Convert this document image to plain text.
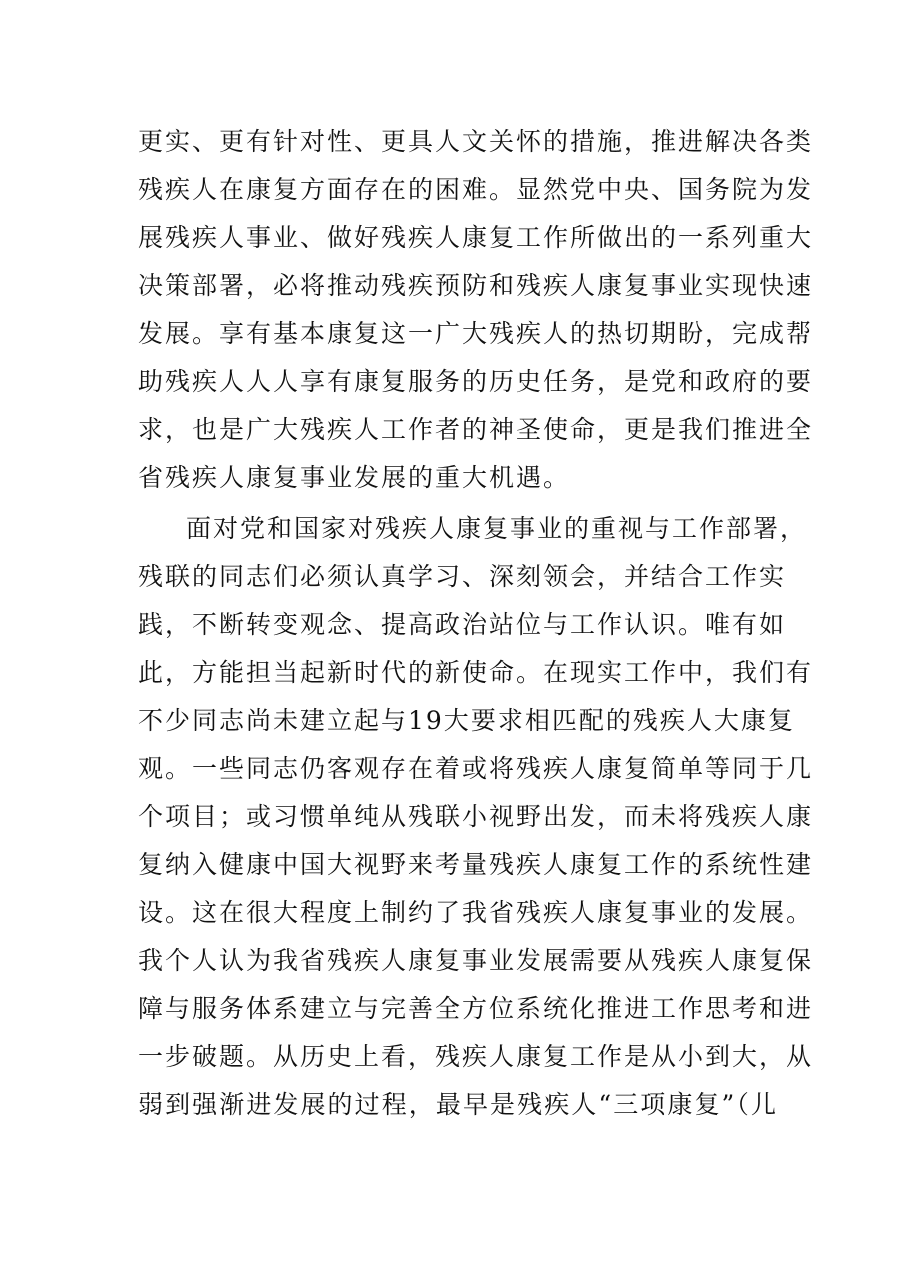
更实、更有针对性、更具人文关怀的措施，推进解决各类
残疾人在康复方面存在的困难。显然党中央、国务院为发
展残疾人事业、做好残疾人康复工作所做出的一系列重大
决策部署，必将推动残疾预防和残疾人康复事业实现快速
发展。享有基本康复这一广大残疾人的热切期盼，完成帮
助残疾人人人享有康复服务的历史任务，是党和政府的要
求，也是广大残疾人工作者的神圣使命，更是我们推进全
省残疾人康复事业发展的重大机遇。
面对党和国家对残疾人康复事业的重视与工作部署，
残联的同志们必须认真学习、深刻领会，并结合工作实
践，不断转变观念、提高政治站位与工作认识。唯有如
此，方能担当起新时代的新使命。在现实工作中，我们有
不少同志尚未建立起与19大要求相匹配的残疾人大康复
观。一些同志仍客观存在着或将残疾人康复简单等同于几
个项目；或习惯单纯从残联小视野出发，而未将残疾人康
复纳入健康中国大视野来考量残疾人康复工作的系统性建
设。这在很大程度上制约了我省残疾人康复事业的发展。
我个人认为我省残疾人康复事业发展需要从残疾人康复保
障与服务体系建立与完善全方位系统化推进工作思考和进
一步破题。从历史上看，残疾人康复工作是从小到大，从
弱到强渐进发展的过程，最早是残疾人“三项康复”（儿
